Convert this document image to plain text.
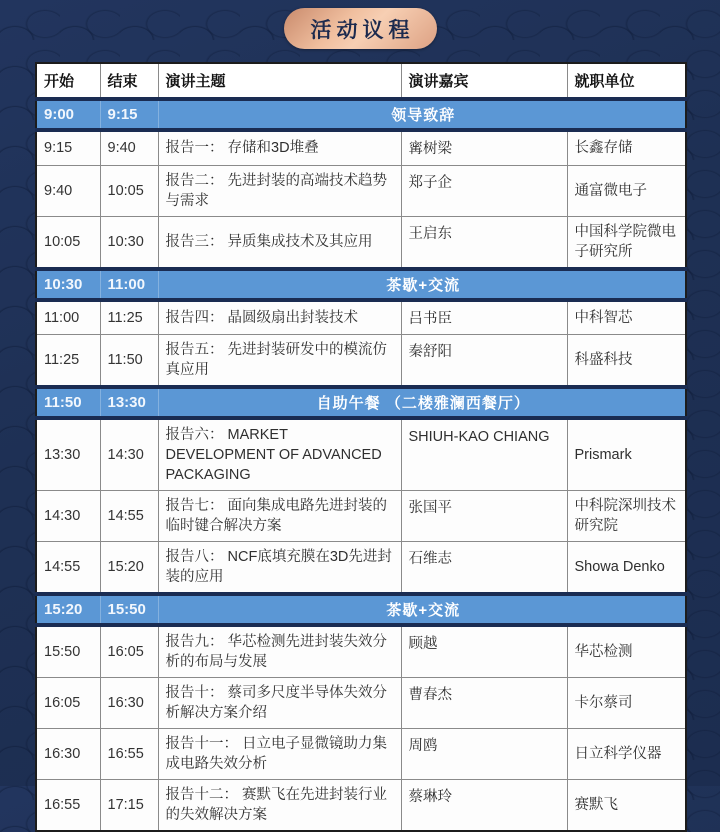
活动议程
开始	结束	演讲主题	演讲嘉宾	就职单位
9:00	9:15	领导致辞		
9:15	9:40	报告一： 存储和3D堆叠	寗树梁	长鑫存储
9:40	10:05	报告二： 先进封装的高端技术趋势与需求	郑子企	通富微电子
10:05	10:30	报告三： 异质集成技术及其应用	王启东	中国科学院微电子研究所
10:30	11:00	茶歇+交流		
11:00	11:25	报告四： 晶圆级扇出封装技术	吕书臣	中科智芯
11:25	11:50	报告五： 先进封装研发中的模流仿真应用	秦舒阳	科盛科技
11:50	13:30	自助午餐 （二楼雅澜西餐厅）		
13:30	14:30	报告六： MARKET DEVELOPMENT OF ADVANCED PACKAGING	SHIUH-KAO CHIANG	Prismark
14:30	14:55	报告七： 面向集成电路先进封装的临时键合解决方案	张国平	中科院深圳技术研究院
14:55	15:20	报告八： NCF底填充膜在3D先进封装的应用	石维志	Showa Denko
15:20	15:50	茶歇+交流		
15:50	16:05	报告九： 华芯检测先进封装失效分析的布局与发展	顾越	华芯检测
16:05	16:30	报告十： 蔡司多尺度半导体失效分析解决方案介绍	曹春杰	卡尔蔡司
16:30	16:55	报告十一： 日立电子显微镜助力集成电路失效分析	周鸥	日立科学仪器
16:55	17:15	报告十二： 赛默飞在先进封装行业的失效解决方案	蔡琳玲	赛默飞
